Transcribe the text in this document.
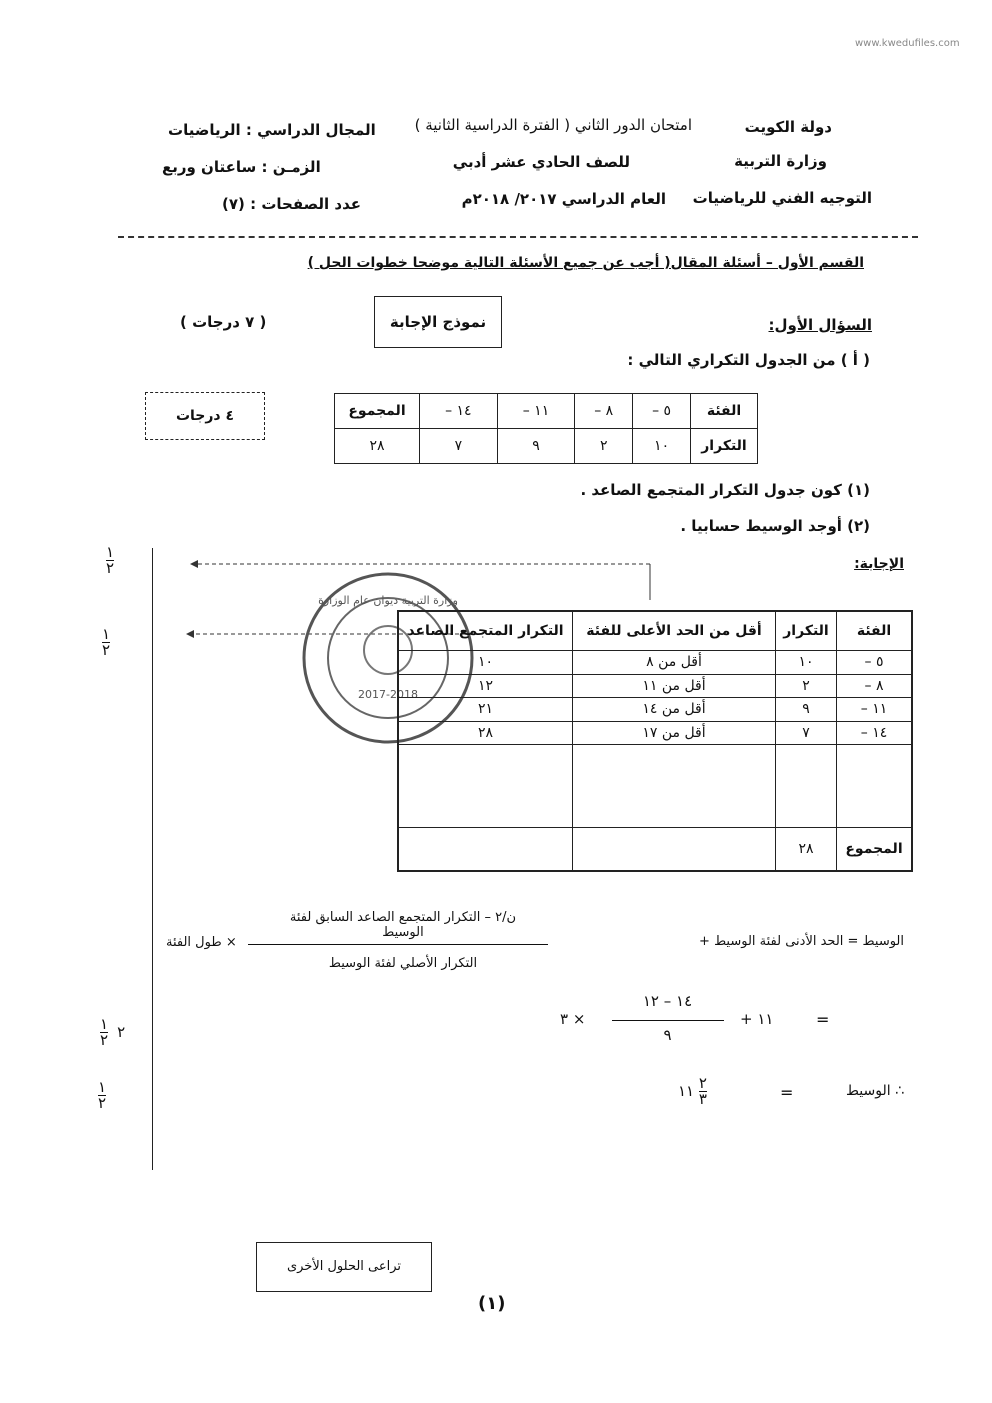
www.kwedufiles.com
دولة الكويت
وزارة التربية
التوجيه الفني للرياضيات
امتحان الدور الثاني ( الفترة الدراسية الثانية )
للصف الحادي عشر أدبي
العام الدراسي ٢٠١٧/ ٢٠١٨م
المجال الدراسي : الرياضيات
الزمـن : ساعتان وربع
عدد الصفحات : (٧)
القسم الأول – أسئلة المقال( أجب عن جميع الأسئلة التالية موضحا خطوات الحل )
نموذج الإجابة	السؤال الأول:
( ٧ درجات )
( أ ) من الجدول التكراري التالي :
٤ درجات	الفئة	٥ –	٨ –	١١ –	١٤ –	المجموع
التكرار	١٠	٢	٩	٧	٢٨
(١) كون جدول التكرار المتجمع الصاعد .
(٢) أوجد الوسيط حسابيا .
الإجابة:
وزارة التربية ديوان عام الوزارة
2017-2018
الفئة	التكرار	أقل من الحد الأعلى للفئة	التكرار المتجمع الصاعد
٥ –	١٠	أقل من ٨	١٠
٨ –	٢	أقل من ١١	١٢
١١ –	٩	أقل من ١٤	٢١
١٤ –	٧	أقل من ١٧	٢٨

المجموع	٢٨		
الوسيط = الحد الأدنى لفئة الوسيط +
ن/٢ – التكرار المتجمع الصاعد السابق لفئة الوسيط
التكرار الأصلي لفئة الوسيط
× طول الفئة
=
١١ +
١٤ – ١٢
٩
× ٣
∴ الوسيط
=
$\frac{٢}{٣}$ ١١
$\frac{١}{٢}$
$\frac{١}{٢}$
٢ $\frac{١}{٢}$
$\frac{١}{٢}$
تراعى الحلول الأخرى
(١)
